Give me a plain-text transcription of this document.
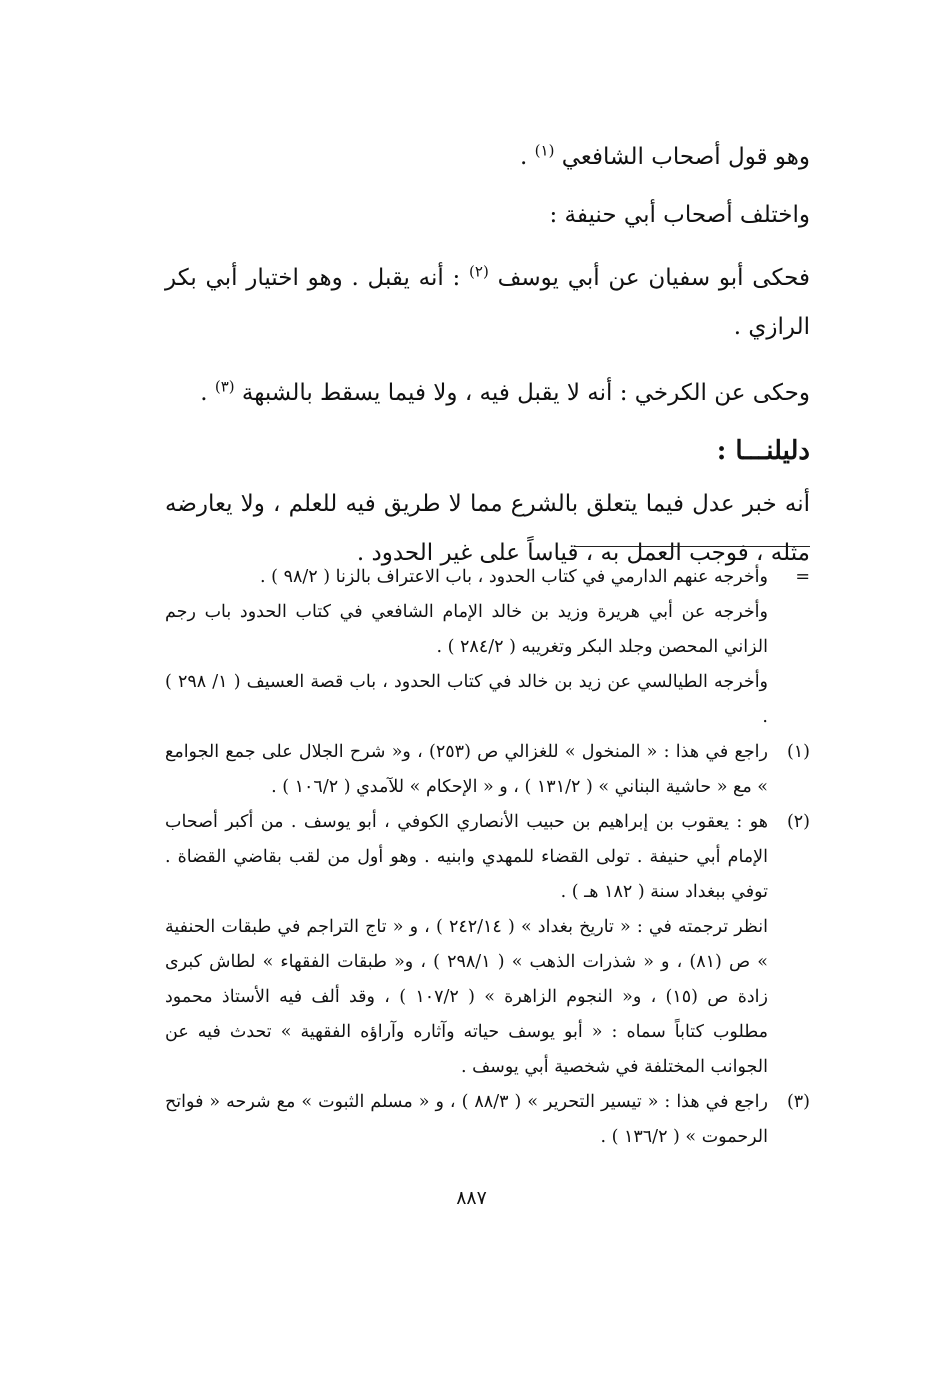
وهو قول أصحاب الشافعي $^{(١)}$ .

واختلف أصحاب أبي حنيفة :

فحكى أبو سفيان عن أبي يوسف $^{(٢)}$ : أنه يقبل . وهو اختيار أبي بكر الرازي .

وحكى عن الكرخي : أنه لا يقبل فيه ، ولا فيما يسقط بالشبهة $^{(٣)}$ .

دليلنـــا :

أنه خبر عدل فيما يتعلق بالشرع مما لا طريق فيه للعلم ، ولا يعارضه مثله ، فوجب العمل به ، قياساً على غير الحدود .

=

وأخرجه عنهم الدارمي في كتاب الحدود ، باب الاعتراف بالزنا ( ٩٨/٢ ) .

وأخرجه عن أبي هريرة وزيد بن خالد الإمام الشافعي في كتاب الحدود باب رجم الزاني المحصن وجلد البكر وتغريبه ( ٢٨٤/٢ ) .

وأخرجه الطيالسي عن زيد بن خالد في كتاب الحدود ، باب قصة العسيف ( ١/ ٢٩٨ ) .

(١)

راجع في هذا : « المنخول » للغزالي ص (٢٥٣) ، و« شرح الجلال على جمع الجوامع » مع « حاشية البناني » ( ١٣١/٢ ) ، و « الإحكام » للآمدي ( ١٠٦/٢ ) .

(٢)

هو : يعقوب بن إبراهيم بن حبيب الأنصاري الكوفي ، أبو يوسف . من أكبر أصحاب الإمام أبي حنيفة . تولى القضاء للمهدي وابنيه . وهو أول من لقب بقاضي القضاة . توفي ببغداد سنة ( ١٨٢ هـ ) .

انظر ترجمته في : « تاريخ بغداد » ( ٢٤٢/١٤ ) ، و « تاج التراجم في طبقات الحنفية » ص (٨١) ، و « شذرات الذهب » ( ٢٩٨/١ ) ، و« طبقات الفقهاء » لطاش كبرى زادة ص (١٥) ، و« النجوم الزاهرة » ( ١٠٧/٢ ) ، وقد ألف فيه الأستاذ محمود مطلوب كتاباً سماه : « أبو يوسف حياته وآثاره وآراؤه الفقهية » تحدث فيه عن الجوانب المختلفة في شخصية أبي يوسف .

(٣)

راجع في هذا : « تيسير التحرير » ( ٨٨/٣ ) ، و « مسلم الثبوت » مع شرحه « فواتح الرحموت » ( ١٣٦/٢ ) .

٨٨٧
